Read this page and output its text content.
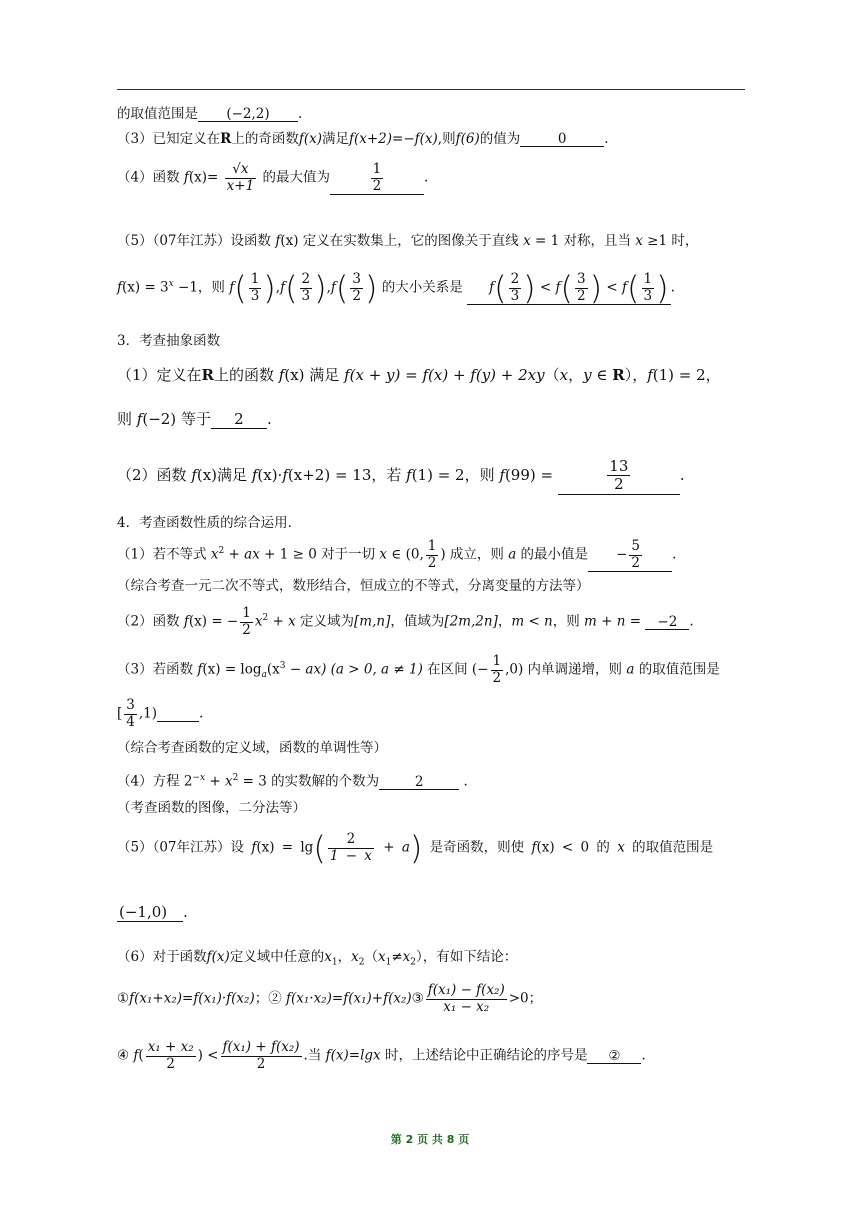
的取值范围是 (−2,2) .
（3）已知定义在R上的奇函数f(x)满足f(x+2)=−f(x),则f(6)的值为	0	.
（4）函数 $f(x)= \frac{√x}{x+1}$ 的最大值为	$\frac{1}{2}$	.
（5）（07年江苏）设函数 f(x) 定义在实数集上，它的图像关于直线 x = 1 对称，且当 x ≥1 时，
$f(x) = 3^x -1$，则 $f( \frac{1}{3} ),f( \frac{2}{3} ),f( \frac{3}{2}$ ) 的大小关系是 $f( \frac{2}{3}$ ) < $f( \frac{3}{2}$ ) < $f( \frac{1}{3}$ ) .
3．考查抽象函数
（1）定义在R上的函数 f(x) 满足 f(x + y) = f(x) + f(y) + 2xy（x，y ∈ R），f(1) = 2，
则 f(−2) 等于 2 .
（2）函数 f(x)满足 f(x)·f(x+2) = 13，若 f(1) = 2，则 f(99) =	$\frac{13}{2}$	.
4．考查函数性质的综合运用．
（1）若不等式 $x^2$ + ax + 1 ≥ 0 对于一切 x ∈ (0, $\frac{1}{2}$ ) 成立，则 a 的最小值是 − $\frac{5}{2}$ .
（综合考查一元二次不等式，数形结合，恒成立的不等式，分离变量的方法等）
（2）函数 f(x) = − $\frac{1}{2} x^2 + x$ 定义域为[m,n]，值域为[2m,2n]，m < n，则 m + n = −2 .
（3）若函数 $f(x) = \log_a(x^3 - ax) (a > 0$, a ≠ 1) 在区间 (− $\frac{1}{2} ,0$) 内单调递增，则 a 的取值范围是
[ $\frac{3}{4} ,1$)	.
（综合考查函数的定义域，函数的单调性等）
（4）方程 $2^{-x} + x^2 = 3$ 的实数解的个数为	2	.
（考查函数的图像，二分法等）
（5）（07年江苏）设 $f(x) = \lg( \frac{2}{1 - x} + a)$ 是奇函数，则使 f(x) < 0 的 x 的取值范围是
(−1,0) .
（6）对于函数f(x)定义域中任意的$x_1$，$x_2(x_1\ne x_2)$，有如下结论：
①f(x₁+x₂)=f(x₁)·f(x₂)；② f(x₁·x₂)=f(x₁)+f(x₂)③ $\frac{\text{f(x₁) − f(x₂)}}{\text{x₁ − x₂}} >0$；
④ $f( \frac{\text{x₁ + x₂}}{2}$ ) < $\frac{\text{f(x₁) + f(x₂)}}{2}$ .当 f(x)=lgx 时，上述结论中正确结论的序号是 ② .
第 2 页 共 8 页
